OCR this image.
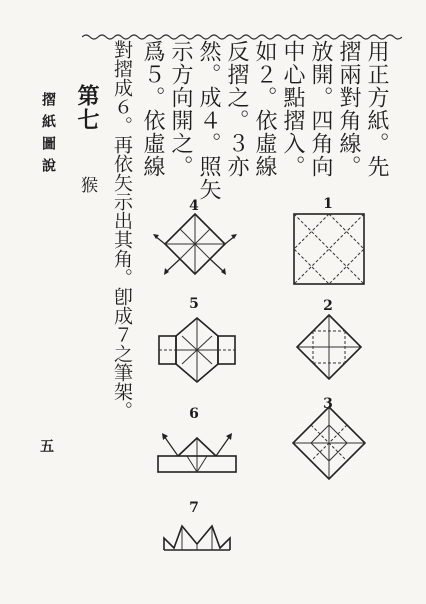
摺紙圖說
五
第七
猴
用正方紙。先
摺兩對角線。
放開。四角向
中心點摺入。
如２。依虛線
反摺之。３亦
然。成４。照矢
示方向開之。
爲５。依虛線
對摺成６。再依矢示出其角。卽成７之筆架。	1
2
3
4
5
6
7
